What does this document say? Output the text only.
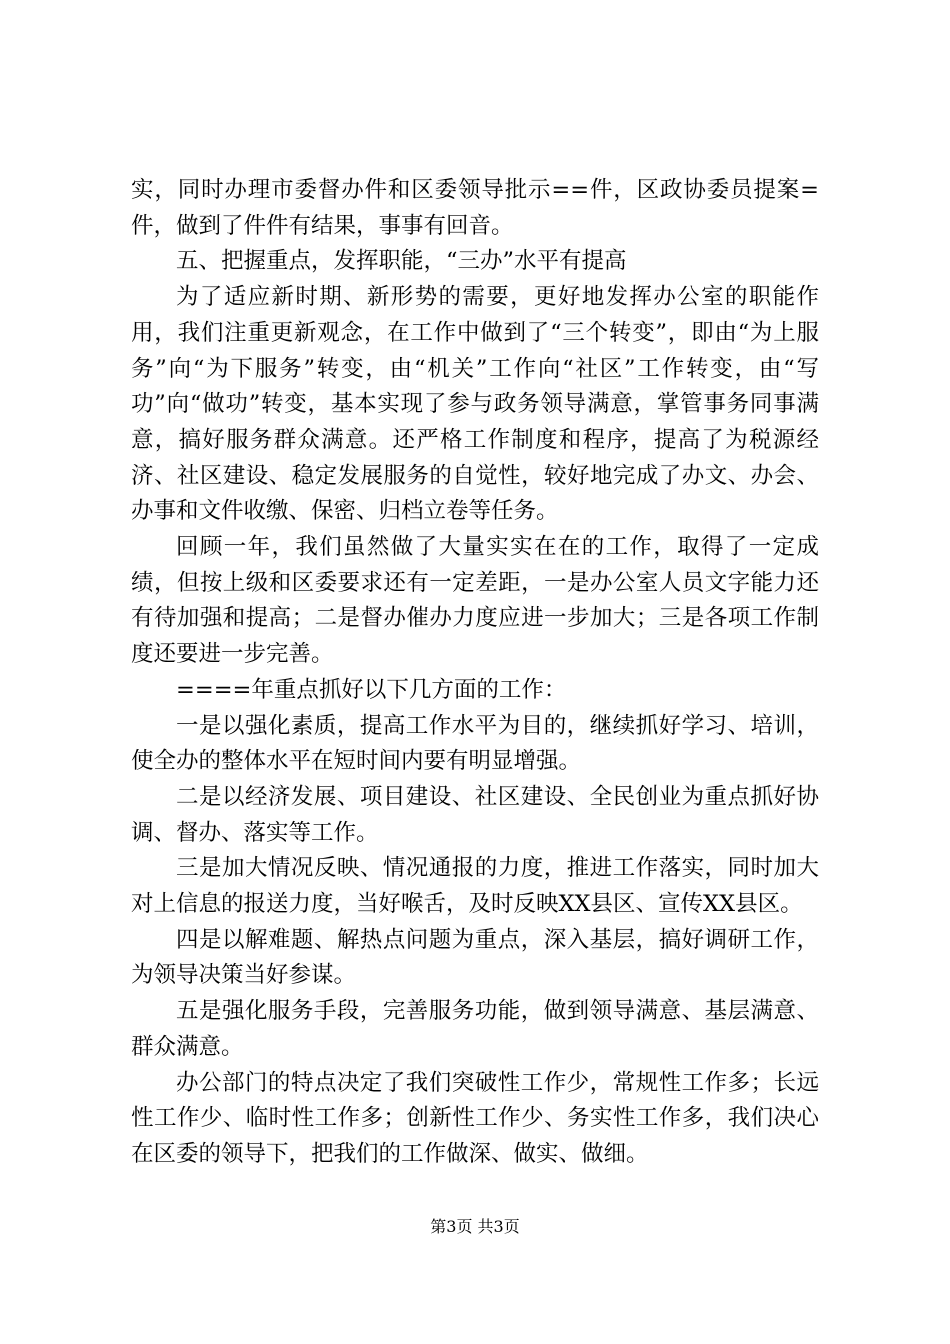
实，同时办理市委督办件和区委领导批示==件，区政协委员提案=件，做到了件件有结果，事事有回音。

五、把握重点，发挥职能，“三办”水平有提高

为了适应新时期、新形势的需要，更好地发挥办公室的职能作用，我们注重更新观念，在工作中做到了“三个转变”，即由“为上服务”向“为下服务”转变，由“机关”工作向“社区”工作转变，由“写功”向“做功”转变，基本实现了参与政务领导满意，掌管事务同事满意，搞好服务群众满意。还严格工作制度和程序，提高了为税源经济、社区建设、稳定发展服务的自觉性，较好地完成了办文、办会、办事和文件收缴、保密、归档立卷等任务。

回顾一年，我们虽然做了大量实实在在的工作，取得了一定成绩，但按上级和区委要求还有一定差距，一是办公室人员文字能力还有待加强和提高；二是督办催办力度应进一步加大；三是各项工作制度还要进一步完善。

====年重点抓好以下几方面的工作：

一是以强化素质，提高工作水平为目的，继续抓好学习、培训，使全办的整体水平在短时间内要有明显增强。

二是以经济发展、项目建设、社区建设、全民创业为重点抓好协调、督办、落实等工作。

三是加大情况反映、情况通报的力度，推进工作落实，同时加大对上信息的报送力度，当好喉舌，及时反映XX县区、宣传XX县区。

四是以解难题、解热点问题为重点，深入基层，搞好调研工作，为领导决策当好参谋。

五是强化服务手段，完善服务功能，做到领导满意、基层满意、群众满意。

办公部门的特点决定了我们突破性工作少，常规性工作多；长远性工作少、临时性工作多；创新性工作少、务实性工作多，我们决心在区委的领导下，把我们的工作做深、做实、做细。

第3页 共3页
